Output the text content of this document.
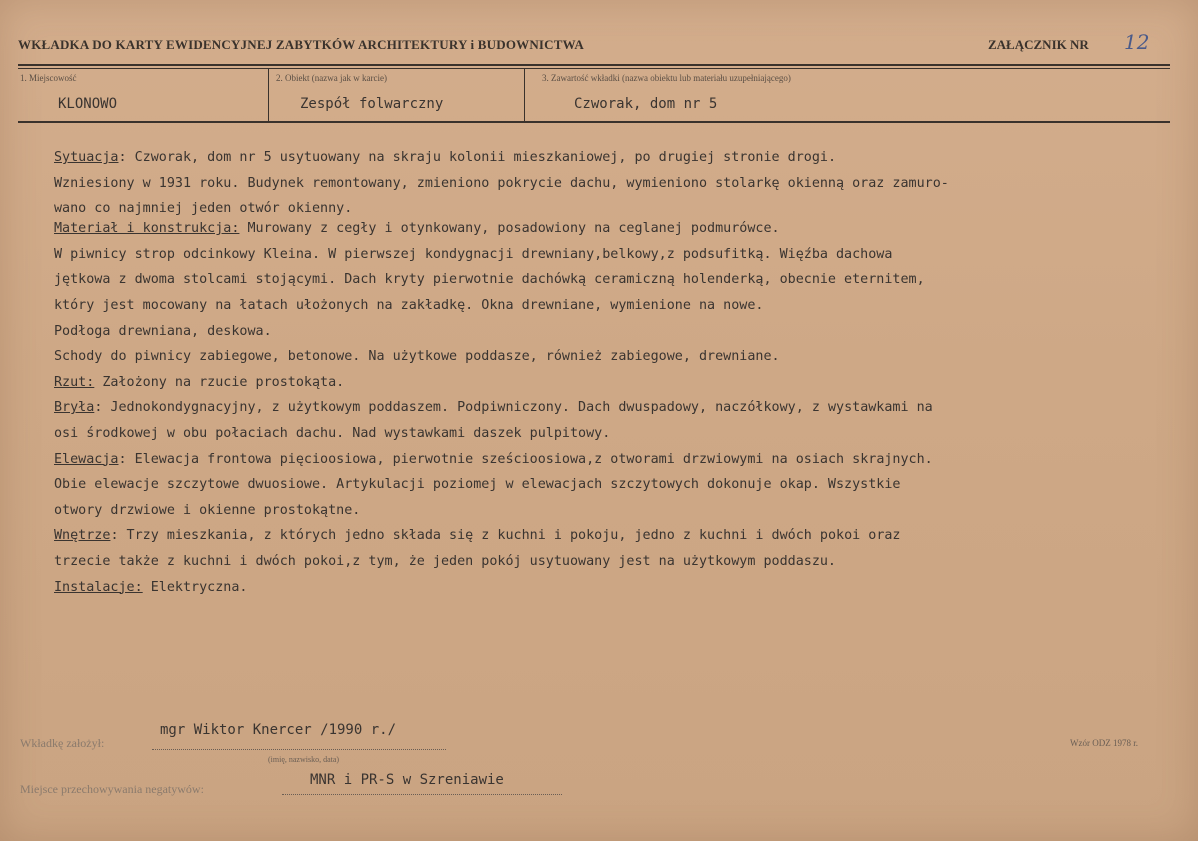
WKŁADKA DO KARTY EWIDENCYJNEJ ZABYTKÓW ARCHITEKTURY i BUDOWNICTWA	ZAŁĄCZNIK NR 12
1. Miejscowość
KLONOWO
2. Obiekt (nazwa jak w karcie)
Zespół folwarczny
3. Zawartość wkładki (nazwa obiektu lub materiału uzupełniającego)
Czworak, dom nr 5
Sytuacja: Czworak, dom nr 5 usytuowany na skraju kolonii mieszkaniowej, po drugiej stronie drogi.
Wzniesiony w 1931 roku. Budynek remontowany, zmieniono pokrycie dachu, wymieniono stolarkę okienną oraz zamuro-
wano co najmniej jeden otwór okienny.
Materiał i konstrukcja: Murowany z cegły i otynkowany, posadowiony na ceglanej podmurówce.
W piwnicy strop odcinkowy Kleina. W pierwszej kondygnacji drewniany,belkowy,z podsufitką. Więźba dachowa
jętkowa z dwoma stolcami stojącymi. Dach kryty pierwotnie dachówką ceramiczną holenderką, obecnie eternitem,
który jest mocowany na łatach ułożonych na zakładkę. Okna drewniane, wymienione na nowe.
Podłoga drewniana, deskowa.
Schody do piwnicy zabiegowe, betonowe. Na użytkowe poddasze, również zabiegowe, drewniane.
Rzut: Założony na rzucie prostokąta.
Bryła: Jednokondygnacyjny, z użytkowym poddaszem. Podpiwniczony. Dach dwuspadowy, naczółkowy, z wystawkami na
osi środkowej w obu połaciach dachu. Nad wystawkami daszek pulpitowy.
Elewacja: Elewacja frontowa pięcioosiowa, pierwotnie sześcioosiowa,z otworami drzwiowymi na osiach skrajnych.
Obie elewacje szczytowe dwuosiowe. Artykulacji poziomej w elewacjach szczytowych dokonuje okap. Wszystkie
otwory drzwiowe i okienne prostokątne.
Wnętrze: Trzy mieszkania, z których jedno składa się z kuchni i pokoju, jedno z kuchni i dwóch pokoi oraz
trzecie także z kuchni i dwóch pokoi,z tym, że jeden pokój usytuowany jest na użytkowym poddaszu.
Instalacje: Elektryczna.
Wkładkę założył:
mgr Wiktor Knercer /1990 r./
(imię, nazwisko, data)
Wzór ODZ 1978 r.
Miejsce przechowywania negatywów:
MNR i PR-S w Szreniawie
